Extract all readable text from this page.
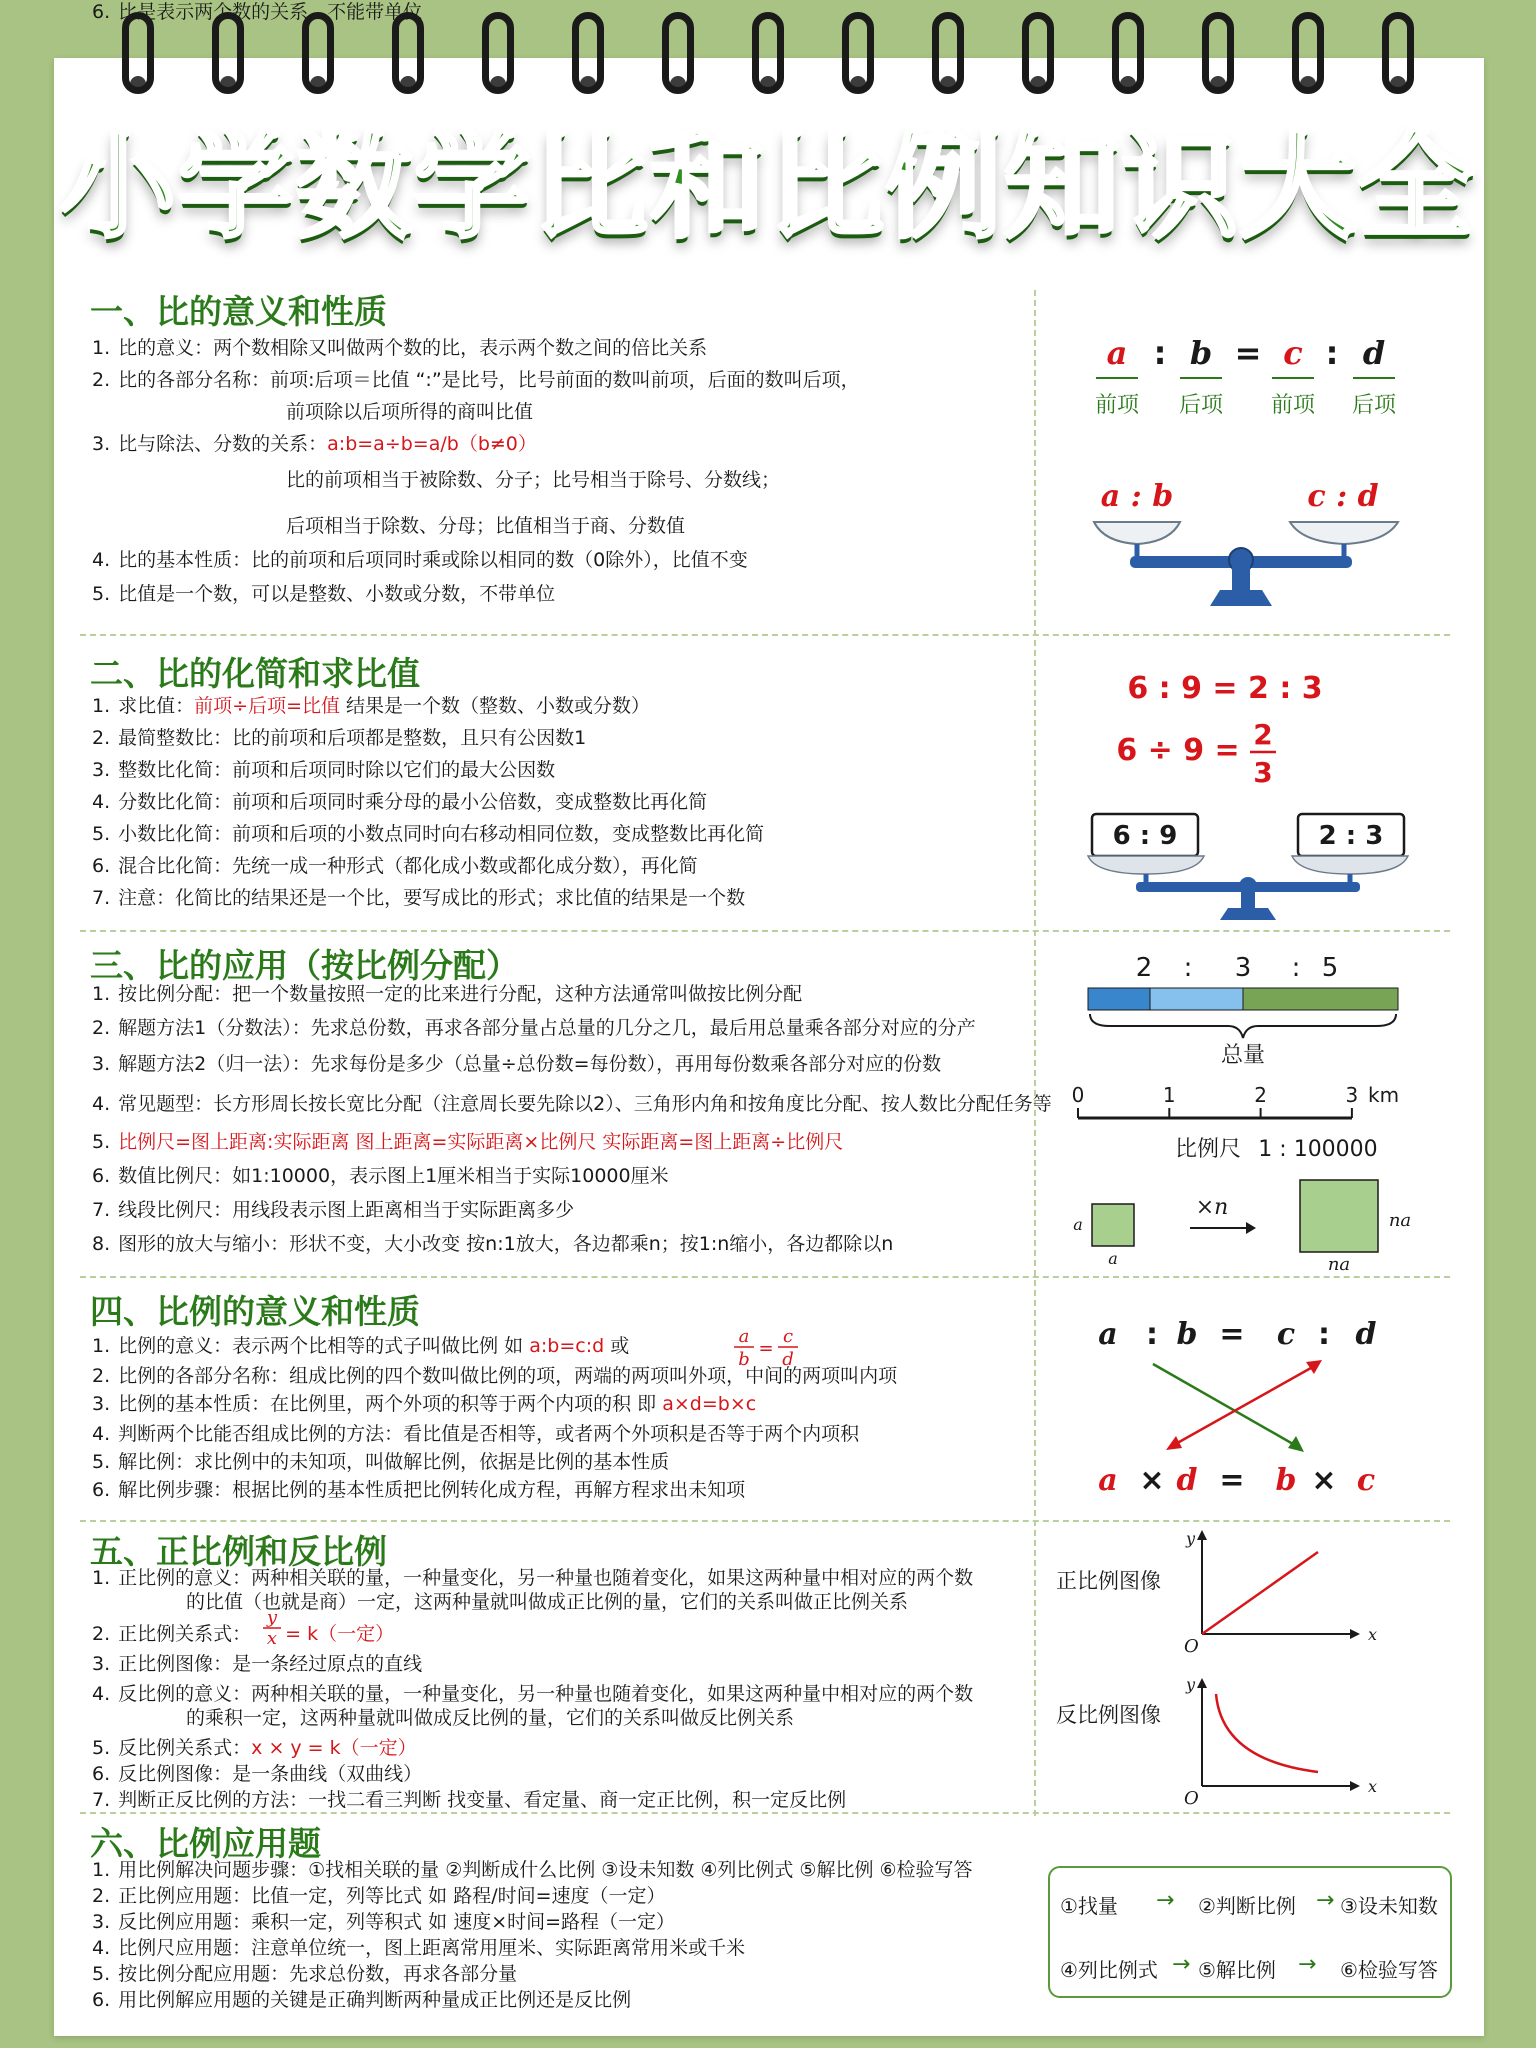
小学数学比和比例知识大全
一、比的意义和性质
1. 比的意义：两个数相除又叫做两个数的比，表示两个数之间的倍比关系
2. 比的各部分名称：前项:后项＝比值 “:”是比号，比号前面的数叫前项，后面的数叫后项，
前项除以后项所得的商叫比值
3. 比与除法、分数的关系：a:b=a÷b=a/b（b≠0）
比的前项相当于被除数、分子；比号相当于除号、分数线；
后项相当于除数、分母；比值相当于商、分数值
4. 比的基本性质：比的前项和后项同时乘或除以相同的数（0除外），比值不变
5. 比值是一个数，可以是整数、小数或分数，不带单位
6. 比是表示两个数的关系，不能带单位
二、比的化简和求比值
1. 求比值：前项÷后项=比值 结果是一个数（整数、小数或分数）
2. 最简整数比：比的前项和后项都是整数，且只有公因数1
3. 整数比化简：前项和后项同时除以它们的最大公因数
4. 分数比化简：前项和后项同时乘分母的最小公倍数，变成整数比再化简
5. 小数比化简：前项和后项的小数点同时向右移动相同位数，变成整数比再化简
6. 混合比化简：先统一成一种形式（都化成小数或都化成分数），再化简
7. 注意：化简比的结果还是一个比，要写成比的形式；求比值的结果是一个数
三、比的应用（按比例分配）
1. 按比例分配：把一个数量按照一定的比来进行分配，这种方法通常叫做按比例分配
2. 解题方法1（分数法）：先求总份数，再求各部分量占总量的几分之几，最后用总量乘各部分对应的分产
3. 解题方法2（归一法）：先求每份是多少（总量÷总份数=每份数），再用每份数乘各部分对应的份数
4. 常见题型：长方形周长按长宽比分配（注意周长要先除以2）、三角形内角和按角度比分配、按人数比分配任务等
5. 比例尺=图上距离:实际距离 图上距离=实际距离×比例尺 实际距离=图上距离÷比例尺
6. 数值比例尺：如1:10000，表示图上1厘米相当于实际10000厘米
7. 线段比例尺：用线段表示图上距离相当于实际距离多少
8. 图形的放大与缩小：形状不变，大小改变 按n:1放大，各边都乘n；按1:n缩小，各边都除以n
四、比例的意义和性质
1. 比例的意义：表示两个比相等的式子叫做比例 如 a:b=c:d 或
2. 比例的各部分名称：组成比例的四个数叫做比例的项，两端的两项叫外项，中间的两项叫内项
3. 比例的基本性质：在比例里，两个外项的积等于两个内项的积 即 a×d=b×c
4. 判断两个比能否组成比例的方法：看比值是否相等，或者两个外项积是否等于两个内项积
5. 解比例：求比例中的未知项，叫做解比例，依据是比例的基本性质
6. 解比例步骤：根据比例的基本性质把比例转化成方程，再解方程求出未知项
五、正比例和反比例
1. 正比例的意义：两种相关联的量，一种量变化，另一种量也随着变化，如果这两种量中相对应的两个数
的比值（也就是商）一定，这两种量就叫做成正比例的量，它们的关系叫做正比例关系
2. 正比例关系式： = k（一定）
3. 正比例图像：是一条经过原点的直线
4. 反比例的意义：两种相关联的量，一种量变化，另一种量也随着变化，如果这两种量中相对应的两个数
的乘积一定，这两种量就叫做成反比例的量，它们的关系叫做反比例关系
5. 反比例关系式：x × y = k（一定）
6. 反比例图像：是一条曲线（双曲线）
7. 判断正反比例的方法：一找二看三判断 找变量、看定量、商一定正比例，积一定反比例
六、比例应用题
1. 用比例解决问题步骤：①找相关联的量 ②判断成什么比例 ③设未知数 ④列比例式 ⑤解比例 ⑥检验写答
2. 正比例应用题：比值一定，列等比式 如 路程/时间=速度（一定）
3. 反比例应用题：乘积一定，列等积式 如 速度×时间=路程（一定）
4. 比例尺应用题：注意单位统一，图上距离常用厘米、实际距离常用米或千米
5. 按比例分配应用题：先求总份数，再求各部分量
6. 用比例解应用题的关键是正确判断两种量成正比例还是反比例
a
b
=
c
d
y
x
a : b = c : d
前项 后项 前项 后项
a : b	c : d
6 : 9 = 2 : 3
6 ÷ 9 = 2
3
6 : 9	2 : 3
2 : 3 : 5
总量
0	1	2	3 km
比例尺 1 : 100000
a
a
×n
na
na
a : b = c : d
a × d = b × c
正比例图像
y
x
O
反比例图像
y
x
O
①找量 → ②判断比例 → ③设未知数
④列比例式 → ⑤解比例 → ⑥检验写答
